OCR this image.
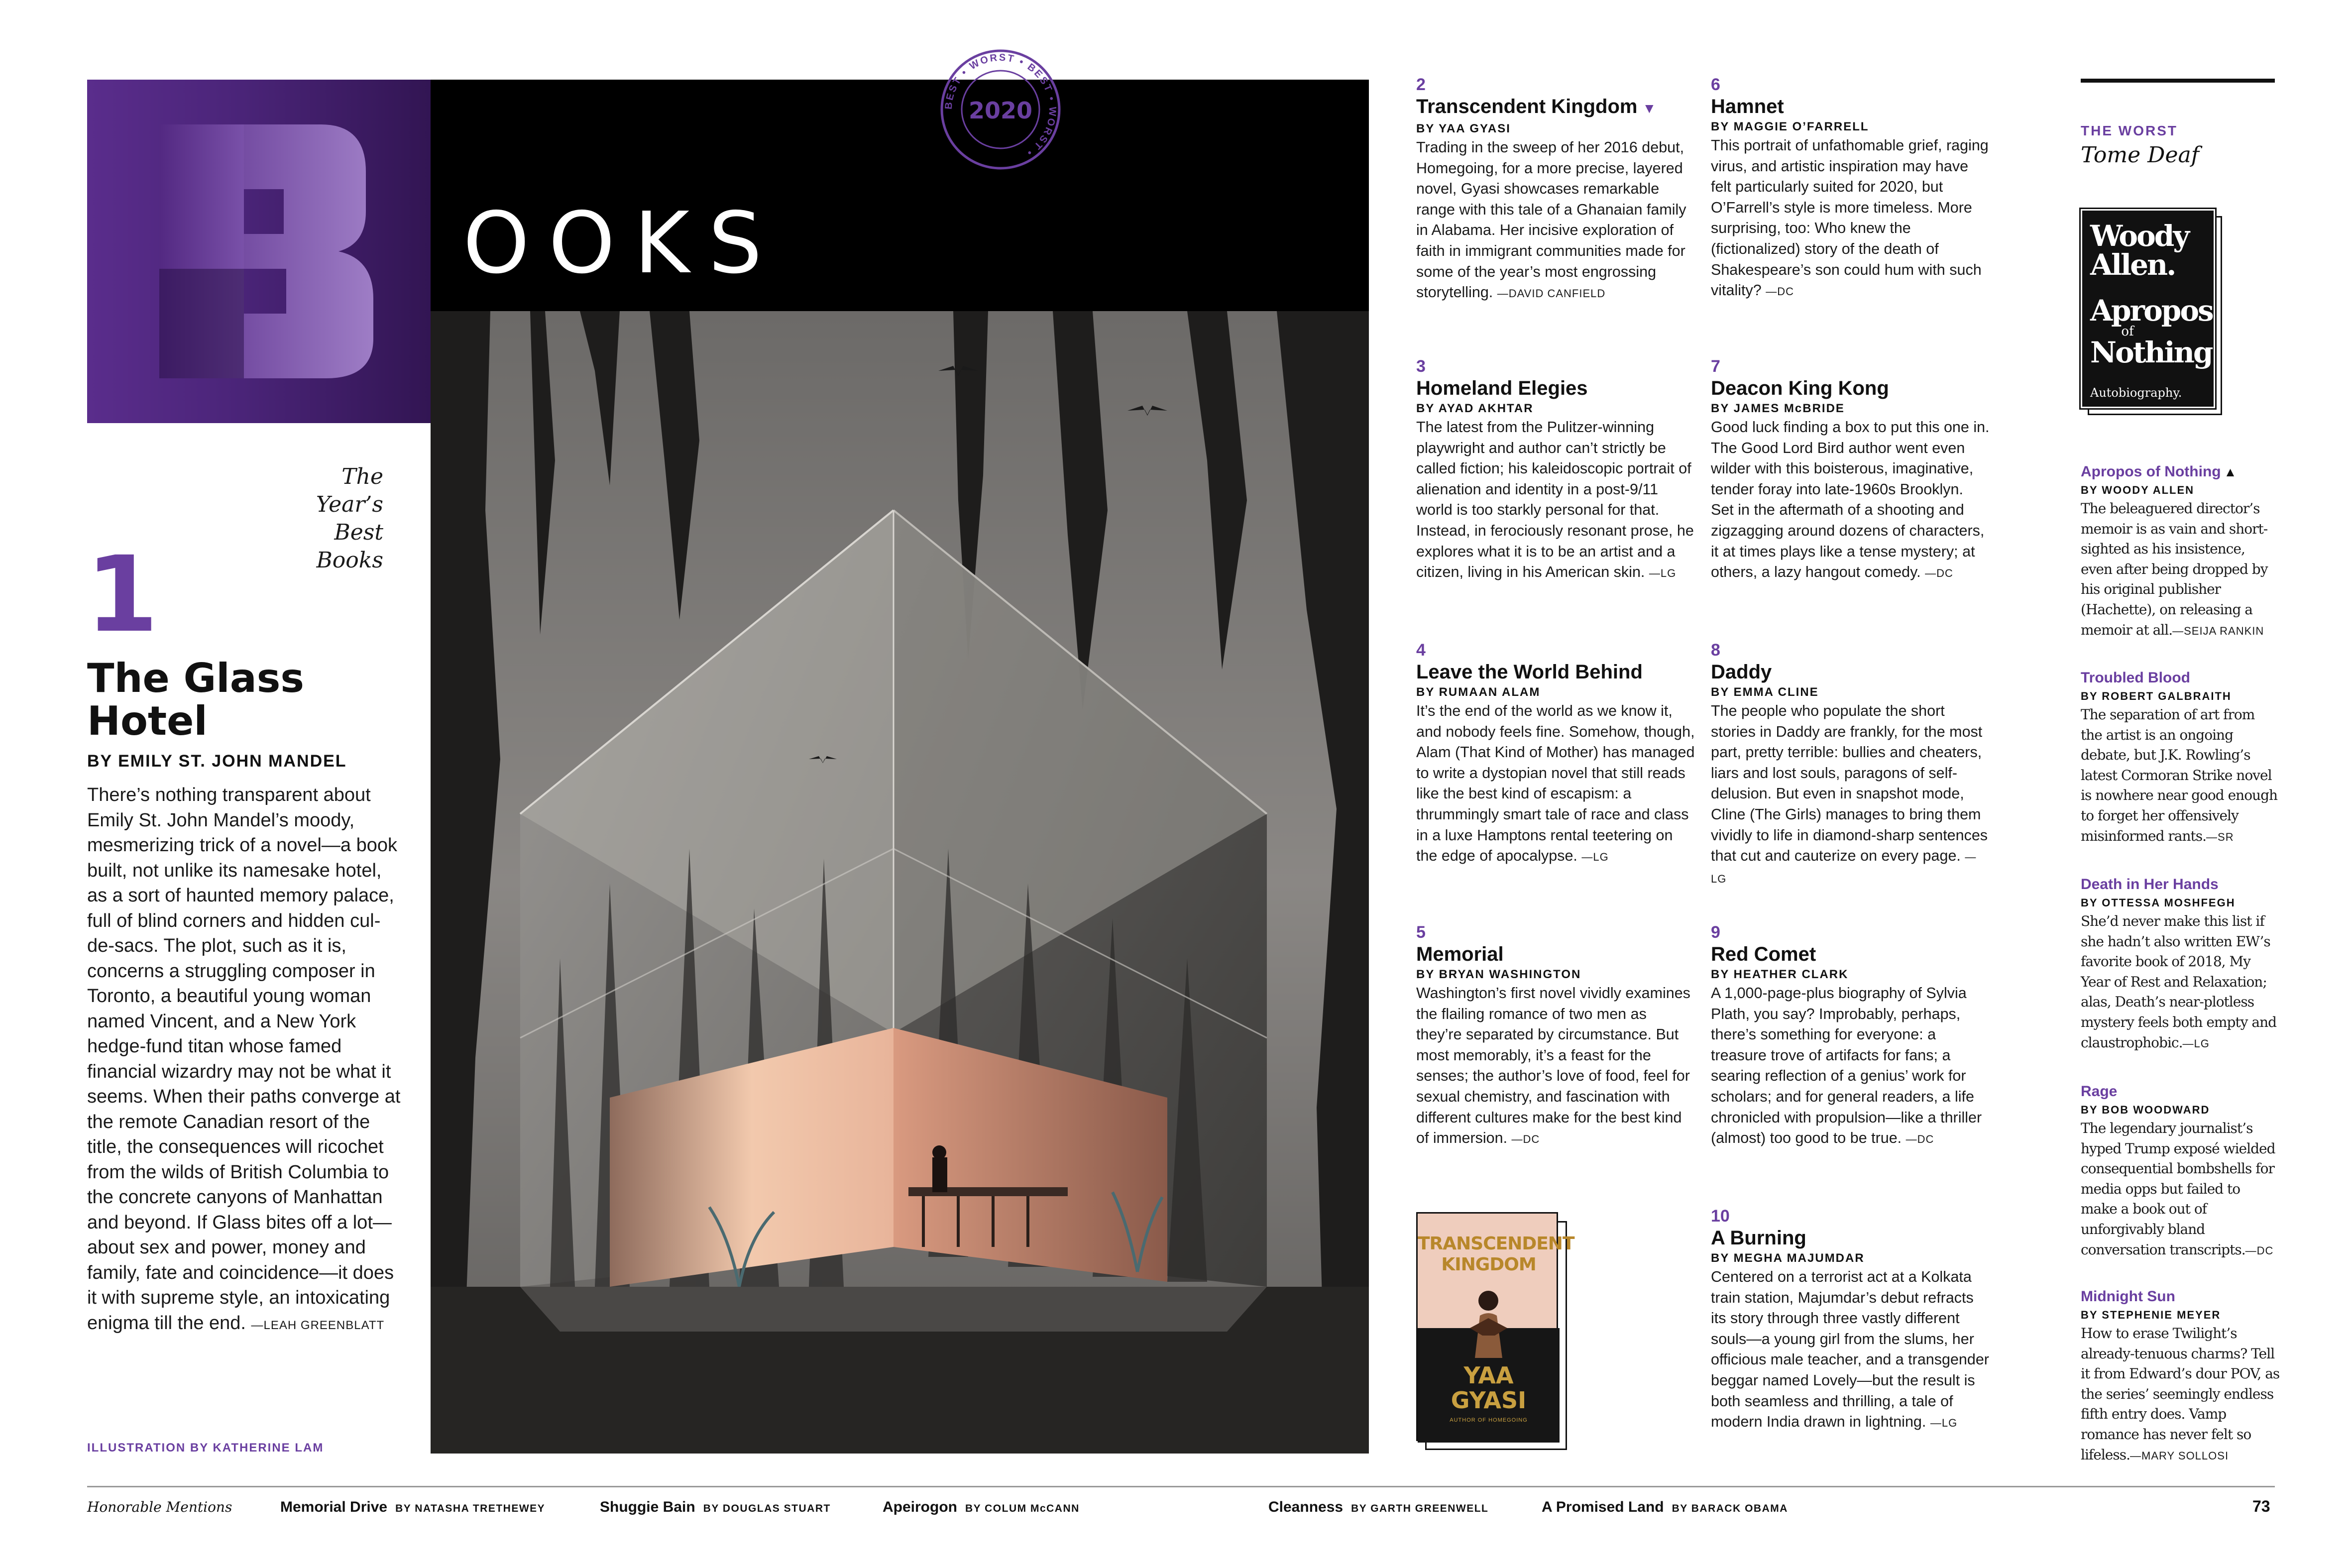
OOKS
BEST • WORST • BEST • WORST •
2020
The
Year’s
Best
Books
1
The Glass Hotel
BY EMILY ST. JOHN MANDEL
There’s nothing transparent about Emily St. John Mandel’s moody, mesmerizing trick of a novel—a book built, not unlike its namesake hotel, as a sort of haunted memory palace, full of blind corners and hidden cul-de-sacs. The plot, such as it is, concerns a struggling composer in Toronto, a beautiful young woman named Vincent, and a New York hedge-fund titan whose famed financial wizardry may not be what it seems. When their paths converge at the remote Canadian resort of the title, the consequences will ricochet from the wilds of British Columbia to the concrete canyons of Manhattan and beyond. If Glass bites off a lot—about sex and power, money and family, fate and coincidence—it does it with supreme style, an intoxicating enigma till the end. —LEAH GREENBLATT
ILLUSTRATION BY KATHERINE LAM
2
Transcendent Kingdom ▼
BY YAA GYASI
Trading in the sweep of her 2016 debut, Homegoing, for a more precise, layered novel, Gyasi showcases remarkable range with this tale of a Ghanaian family in Alabama. Her incisive exploration of faith in immigrant communities made for some of the year’s most engrossing storytelling. —DAVID CANFIELD
3
Homeland Elegies
BY AYAD AKHTAR
The latest from the Pulitzer-winning playwright and author can’t strictly be called fiction; his kaleidoscopic portrait of alienation and identity in a post-9/11 world is too starkly personal for that. Instead, in ferociously resonant prose, he explores what it is to be an artist and a citizen, living in his American skin. —LG
4
Leave the World Behind
BY RUMAAN ALAM
It’s the end of the world as we know it, and nobody feels fine. Somehow, though, Alam (That Kind of Mother) has managed to write a dystopian novel that still reads like the best kind of escapism: a thrummingly smart tale of race and class in a luxe Hamptons rental teetering on the edge of apocalypse. —LG
5
Memorial
BY BRYAN WASHINGTON
Washington’s first novel vividly examines the flailing romance of two men as they’re separated by circumstance. But most memorably, it’s a feast for the senses; the author’s love of food, feel for sexual chemistry, and fascination with different cultures make for the best kind of immersion. —DC
TRANSCENDENT
KINGDOM
YAA
GYASI
AUTHOR OF HOMEGOING
6
Hamnet
BY MAGGIE O’FARRELL
This portrait of unfathomable grief, raging virus, and artistic inspiration may have felt particularly suited for 2020, but O’Farrell’s style is more timeless. More surprising, too: Who knew the (fictionalized) story of the death of Shakespeare’s son could hum with such vitality? —DC
7
Deacon King Kong
BY JAMES McBRIDE
Good luck finding a box to put this one in. The Good Lord Bird author went even wilder with this boisterous, imaginative, tender foray into late-1960s Brooklyn. Set in the aftermath of a shooting and zigzagging around dozens of characters, it at times plays like a tense mystery; at others, a lazy hangout comedy. —DC
8
Daddy
BY EMMA CLINE
The people who populate the short stories in Daddy are frankly, for the most part, pretty terrible: bullies and cheaters, liars and lost souls, paragons of self-delusion. But even in snapshot mode, Cline (The Girls) manages to bring them vividly to life in diamond-sharp sentences that cut and cauterize on every page. —LG
9
Red Comet
BY HEATHER CLARK
A 1,000-page-plus biography of Sylvia Plath, you say? Improbably, perhaps, there’s something for everyone: a treasure trove of artifacts for fans; a searing reflection of a genius’ work for scholars; and for general readers, a life chronicled with propulsion—like a thriller (almost) too good to be true. —DC
10
A Burning
BY MEGHA MAJUMDAR
Centered on a terrorist act at a Kolkata train station, Majumdar’s debut refracts its story through three vastly different souls—a young girl from the slums, her officious male teacher, and a transgender beggar named Lovely—but the result is both seamless and thrilling, a tale of modern India drawn in lightning. —LG
THE WORST
Tome Deaf
Woody
Allen.
Apropos
of
Nothing.
Autobiography.
Apropos of Nothing ▲
BY WOODY ALLEN
The beleaguered director’s memoir is as vain and short-sighted as his insistence, even after being dropped by his original publisher (Hachette), on releasing a memoir at all.—SEIJA RANKIN
Troubled Blood
BY ROBERT GALBRAITH
The separation of art from the artist is an ongoing debate, but J.K. Rowling’s latest Cormoran Strike novel is nowhere near good enough to forget her offensively misinformed rants.—SR
Death in Her Hands
BY OTTESSA MOSHFEGH
She’d never make this list if she hadn’t also written EW’s favorite book of 2018, My Year of Rest and Relaxation; alas, Death’s near-plotless mystery feels both empty and claustrophobic.—LG
Rage
BY BOB WOODWARD
The legendary journalist’s hyped Trump exposé wielded consequential bombshells for media opps but failed to make a book out of unforgivably bland conversation transcripts.—DC
Midnight Sun
BY STEPHENIE MEYER
How to erase Twilight’s already-tenuous charms? Tell it from Edward’s dour POV, as the series’ seemingly endless fifth entry does. Vamp romance has never felt so lifeless.—MARY SOLLOSI
Honorable Mentions	Memorial Drive BY NATASHA TRETHEWEY	Shuggie Bain BY DOUGLAS STUART	Apeirogon BY COLUM McCANN	Cleanness BY GARTH GREENWELL	A Promised Land BY BARACK OBAMA	73
